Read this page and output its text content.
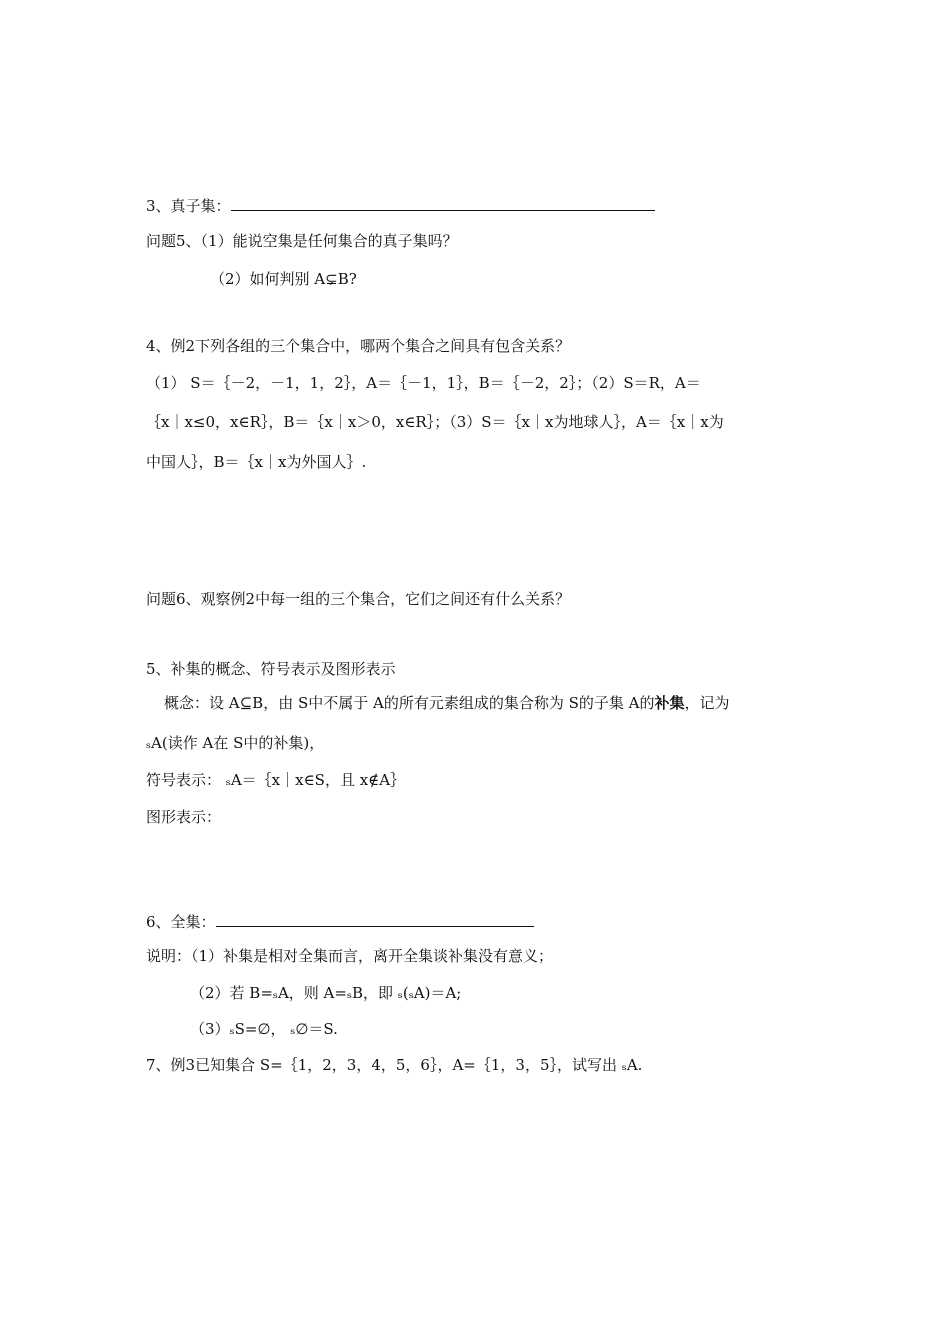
3、真子集：
问题5、（1）能说空集是任何集合的真子集吗？
（2）如何判别 A⊊B?
4、例2下列各组的三个集合中，哪两个集合之间具有包含关系？
（1） S＝｛－2，－1，1，2｝，A＝｛－1，1｝，B＝｛－2，2｝；（2）S＝R，A＝
｛x｜x≤0，x∈R｝，B＝｛x｜x＞0，x∈R｝；（3）S＝｛x｜x为地球人｝，A＝｛x｜x为
中国人｝，B＝｛x｜x为外国人｝.
问题6、观察例2中每一组的三个集合，它们之间还有什么关系？
5、补集的概念、符号表示及图形表示
概念：设 A⊆B，由 S中不属于 A的所有元素组成的集合称为 S的子集 A的补集，记为
ₛA(读作 A在 S中的补集)，
符号表示： ₛA＝｛x｜x∈S，且 x∉A｝
图形表示：
6、全集：
说明：（1）补集是相对全集而言，离开全集谈补集没有意义；
（2）若 B=ₛA，则 A=ₛB，即 ₛ(ₛA)＝A;
（3）ₛS=∅， ₛ∅＝S.
7、例3已知集合 S=｛1，2，3，4，5，6｝，A=｛1，3，5｝，试写出 ₛA.
